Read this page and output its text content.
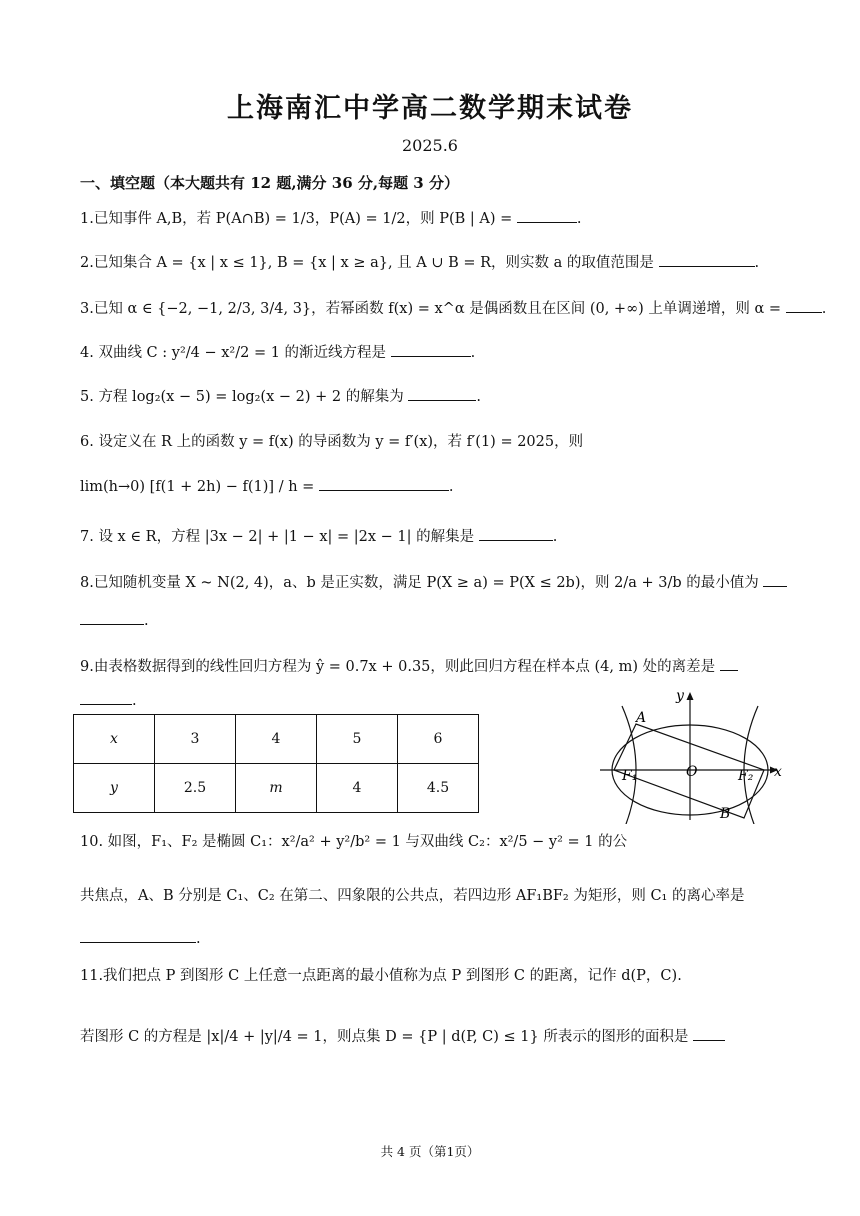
上海南汇中学高二数学期末试卷
2025.6
一、填空题（本大题共有 12 题,满分 36 分,每题 3 分）
1.已知事件 A,B，若 P(A∩B) = 1/3，P(A) = 1/2，则 P(B | A) =	.
2.已知集合 A = {x | x ≤ 1}, B = {x | x ≥ a}, 且 A ∪ B = R，则实数 a 的取值范围是	.
3.已知 α ∈ {−2, −1, 2/3, 3/4, 3}，若幂函数 f(x) = x^α 是偶函数且在区间 (0, +∞) 上单调递增，则 α =	.
4. 双曲线 C : y²/4 − x²/2 = 1 的渐近线方程是	.
5. 方程 log₂(x − 5) = log₂(x − 2) + 2 的解集为	.
6. 设定义在 R 上的函数 y = f(x) 的导函数为 y = f′(x)，若 f′(1) = 2025，则
lim(h→0) [f(1 + 2h) − f(1)] / h =	.
7. 设 x ∈ R，方程 |3x − 2| + |1 − x| = |2x − 1| 的解集是	.
8.已知随机变量 X ~ N(2, 4)，a、b 是正实数，满足 P(X ≥ a) = P(X ≤ 2b)，则 2/a + 3/b 的最小值为
.
9.由表格数据得到的线性回归方程为 ŷ = 0.7x + 0.35，则此回归方程在样本点 (4, m) 处的离差是
.
x	3	4	5	6
y	2.5	m	4	4.5
y
x
A
B
O
F₁	F₂
10. 如图，F₁、F₂ 是椭圆 C₁：x²/a² + y²/b² = 1 与双曲线 C₂：x²/5 − y² = 1 的公
共焦点，A、B 分别是 C₁、C₂ 在第二、四象限的公共点，若四边形 AF₁BF₂ 为矩形，则 C₁ 的离心率是
.
11.我们把点 P 到图形 C 上任意一点距离的最小值称为点 P 到图形 C 的距离，记作 d(P，C).
若图形 C 的方程是 |x|/4 + |y|/4 = 1，则点集 D = {P | d(P, C) ≤ 1} 所表示的图形的面积是
共 4 页（第1页）
